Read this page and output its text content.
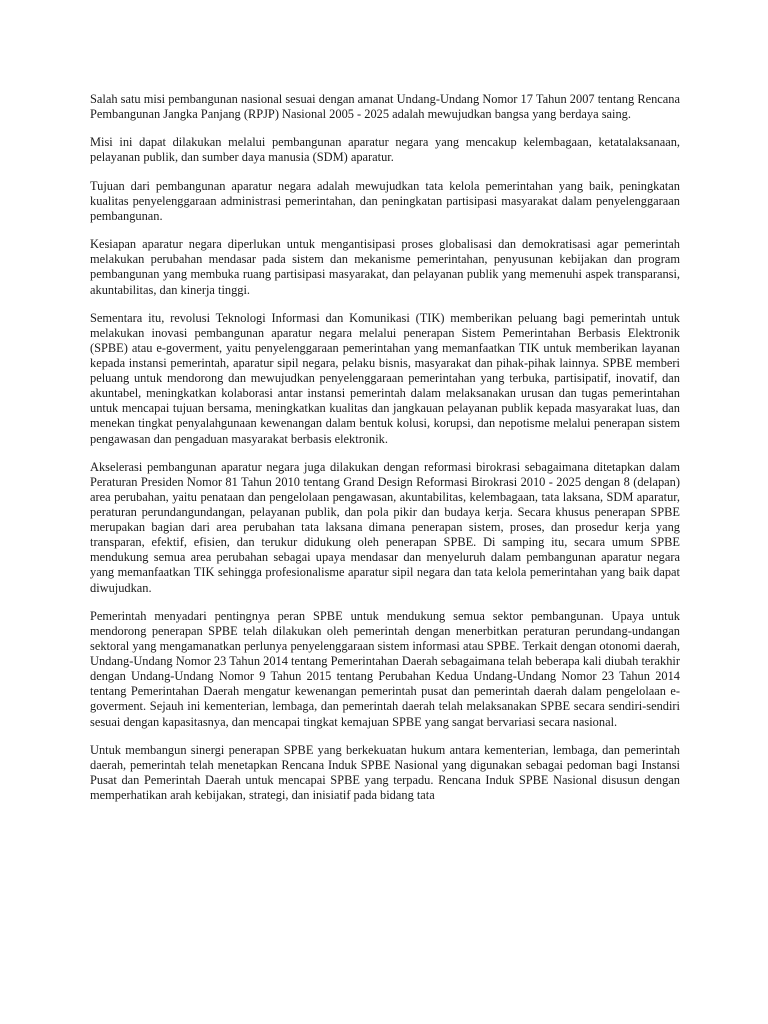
Salah satu misi pembangunan nasional sesuai dengan amanat Undang-Undang Nomor 17 Tahun 2007 tentang Rencana Pembangunan Jangka Panjang (RPJP) Nasional 2005 - 2025 adalah mewujudkan bangsa yang berdaya saing.

Misi ini dapat dilakukan melalui pembangunan aparatur negara yang mencakup kelembagaan, ketatalaksanaan, pelayanan publik, dan sumber daya manusia (SDM) aparatur.

Tujuan dari pembangunan aparatur negara adalah mewujudkan tata kelola pemerintahan yang baik, peningkatan kualitas penyelenggaraan administrasi pemerintahan, dan peningkatan partisipasi masyarakat dalam penyelenggaraan pembangunan.

Kesiapan aparatur negara diperlukan untuk mengantisipasi proses globalisasi dan demokratisasi agar pemerintah melakukan perubahan mendasar pada sistem dan mekanisme pemerintahan, penyusunan kebijakan dan program pembangunan yang membuka ruang partisipasi masyarakat, dan pelayanan publik yang memenuhi aspek transparansi, akuntabilitas, dan kinerja tinggi.

Sementara itu, revolusi Teknologi Informasi dan Komunikasi (TIK) memberikan peluang bagi pemerintah untuk melakukan inovasi pembangunan aparatur negara melalui penerapan Sistem Pemerintahan Berbasis Elektronik (SPBE) atau e-goverment, yaitu penyelenggaraan pemerintahan yang memanfaatkan TIK untuk memberikan layanan kepada instansi pemerintah, aparatur sipil negara, pelaku bisnis, masyarakat dan pihak-pihak lainnya. SPBE memberi peluang untuk mendorong dan mewujudkan penyelenggaraan pemerintahan yang terbuka, partisipatif, inovatif, dan akuntabel, meningkatkan kolaborasi antar instansi pemerintah dalam melaksanakan urusan dan tugas pemerintahan untuk mencapai tujuan bersama, meningkatkan kualitas dan jangkauan pelayanan publik kepada masyarakat luas, dan menekan tingkat penyalahgunaan kewenangan dalam bentuk kolusi, korupsi, dan nepotisme melalui penerapan sistem pengawasan dan pengaduan masyarakat berbasis elektronik.

Akselerasi pembangunan aparatur negara juga dilakukan dengan reformasi birokrasi sebagaimana ditetapkan dalam Peraturan Presiden Nomor 81 Tahun 2010 tentang Grand Design Reformasi Birokrasi 2010 - 2025 dengan 8 (delapan) area perubahan, yaitu penataan dan pengelolaan pengawasan, akuntabilitas, kelembagaan, tata laksana, SDM aparatur, peraturan perundangundangan, pelayanan publik, dan pola pikir dan budaya kerja. Secara khusus penerapan SPBE merupakan bagian dari area perubahan tata laksana dimana penerapan sistem, proses, dan prosedur kerja yang transparan, efektif, efisien, dan terukur didukung oleh penerapan SPBE. Di samping itu, secara umum SPBE mendukung semua area perubahan sebagai upaya mendasar dan menyeluruh dalam pembangunan aparatur negara yang memanfaatkan TIK sehingga profesionalisme aparatur sipil negara dan tata kelola pemerintahan yang baik dapat diwujudkan.

Pemerintah menyadari pentingnya peran SPBE untuk mendukung semua sektor pembangunan. Upaya untuk mendorong penerapan SPBE telah dilakukan oleh pemerintah dengan menerbitkan peraturan perundang-undangan sektoral yang mengamanatkan perlunya penyelenggaraan sistem informasi atau SPBE. Terkait dengan otonomi daerah, Undang-Undang Nomor 23 Tahun 2014 tentang Pemerintahan Daerah sebagaimana telah beberapa kali diubah terakhir dengan Undang-Undang Nomor 9 Tahun 2015 tentang Perubahan Kedua Undang-Undang Nomor 23 Tahun 2014 tentang Pemerintahan Daerah mengatur kewenangan pemerintah pusat dan pemerintah daerah dalam pengelolaan e-goverment. Sejauh ini kementerian, lembaga, dan pemerintah daerah telah melaksanakan SPBE secara sendiri-sendiri sesuai dengan kapasitasnya, dan mencapai tingkat kemajuan SPBE yang sangat bervariasi secara nasional.

Untuk membangun sinergi penerapan SPBE yang berkekuatan hukum antara kementerian, lembaga, dan pemerintah daerah, pemerintah telah menetapkan Rencana Induk SPBE Nasional yang digunakan sebagai pedoman bagi Instansi Pusat dan Pemerintah Daerah untuk mencapai SPBE yang terpadu. Rencana Induk SPBE Nasional disusun dengan memperhatikan arah kebijakan, strategi, dan inisiatif pada bidang tata
